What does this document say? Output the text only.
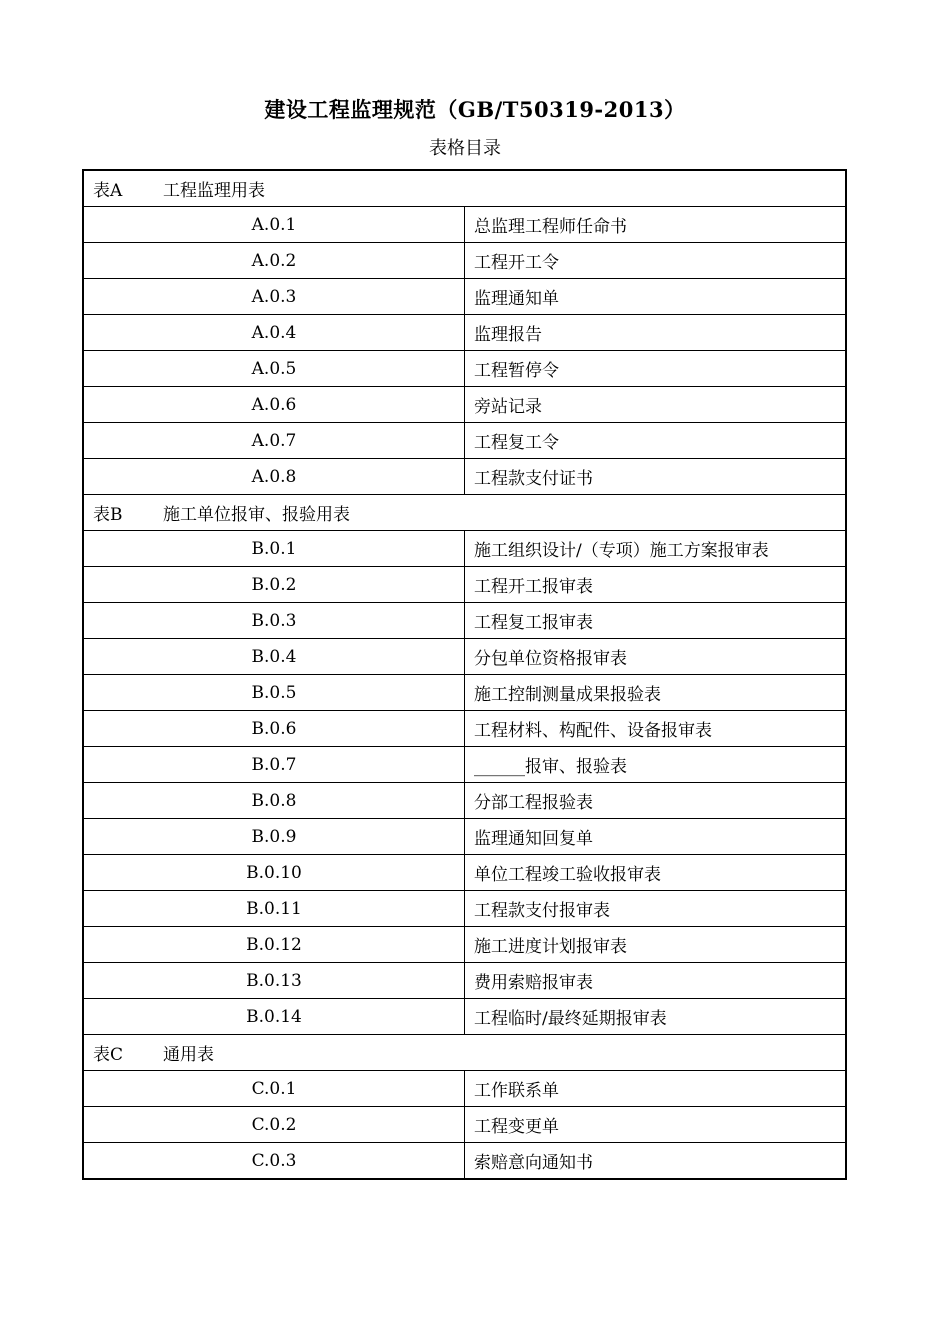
建设工程监理规范（GB/T50319-2013）
表格目录
表A 工程监理用表	
A.0.1	总监理工程师任命书
A.0.2	工程开工令
A.0.3	监理通知单
A.0.4	监理报告
A.0.5	工程暂停令
A.0.6	旁站记录
A.0.7	工程复工令
A.0.8	工程款支付证书
表B 施工单位报审、报验用表	
B.0.1	施工组织设计/（专项）施工方案报审表
B.0.2	工程开工报审表
B.0.3	工程复工报审表
B.0.4	分包单位资格报审表
B.0.5	施工控制测量成果报验表
B.0.6	工程材料、构配件、设备报审表
B.0.7	______报审、报验表
B.0.8	分部工程报验表
B.0.9	监理通知回复单
B.0.10	单位工程竣工验收报审表
B.0.11	工程款支付报审表
B.0.12	施工进度计划报审表
B.0.13	费用索赔报审表
B.0.14	工程临时/最终延期报审表
表C 通用表	
C.0.1	工作联系单
C.0.2	工程变更单
C.0.3	索赔意向通知书
